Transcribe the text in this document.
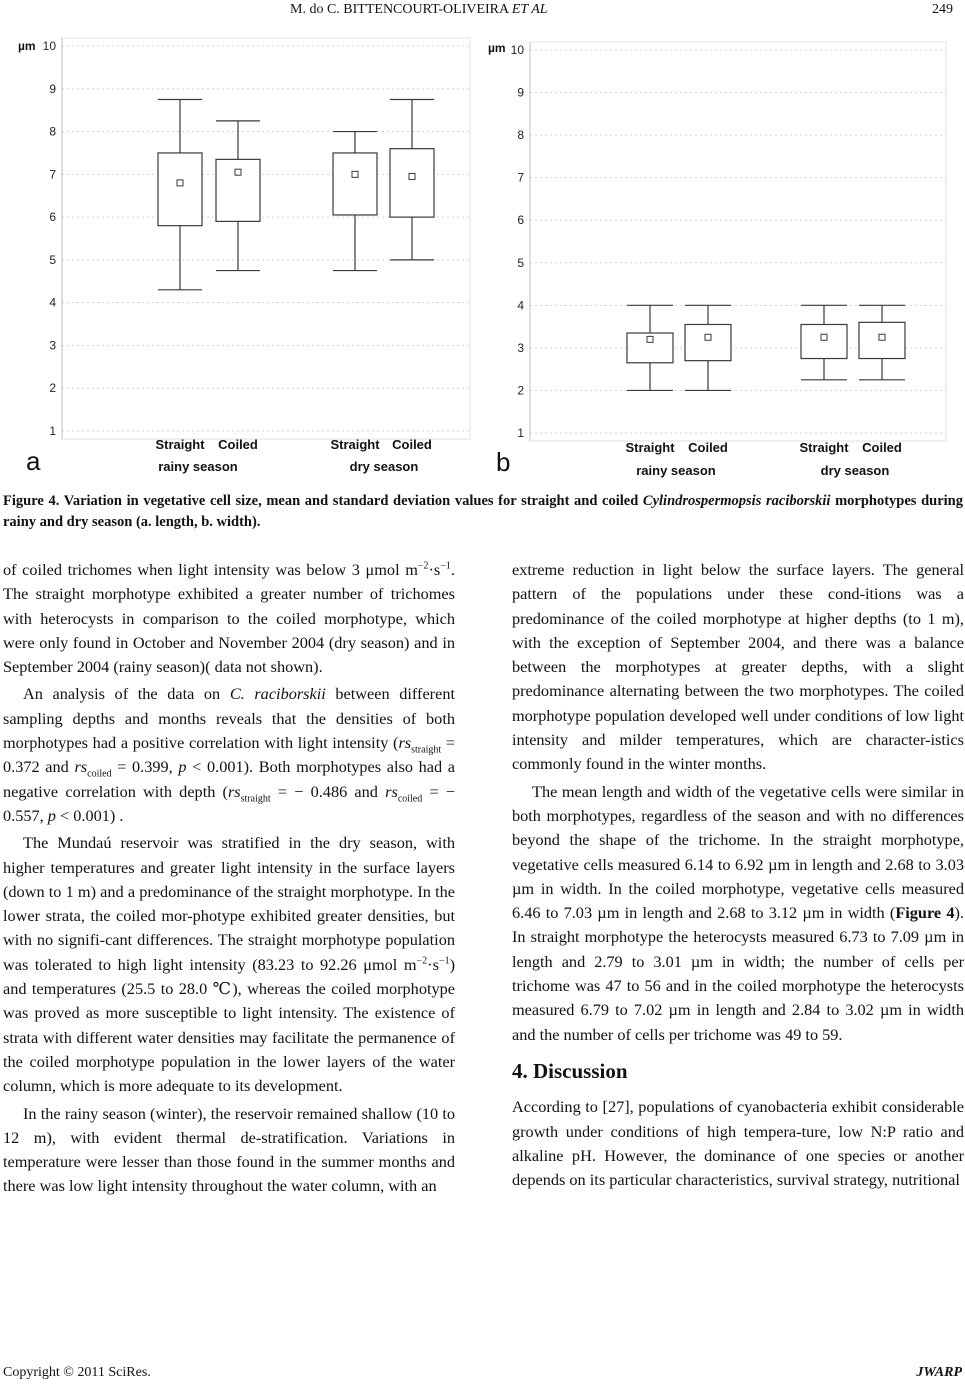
M. do C. BITTENCOURT-OLIVEIRA ET AL	249
1
2
3
4
5
6
7
8
9
10
µm
Straight Coiled	Straight Coiled
rainy season	dry season
a
1
2
3
4
5
6
7
8
9
10
µm
Straight Coiled	Straight Coiled
rainy season	dry season
b
Figure 4. Variation in vegetative cell size, mean and standard deviation values for straight and coiled Cylindrospermopsis raciborskii morphotypes during rainy and dry season (a. length, b. width).

of coiled trichomes when light intensity was below 3 μmol $m^{-2}\cdot s^{-1}$. The straight morphotype exhibited a greater number of trichomes with heterocysts in comparison to the coiled morphotype, which were only found in October and November 2004 (dry season) and in September 2004 (rainy season)( data not shown).

An analysis of the data on C. raciborskii between different sampling depths and months reveals that the densities of both morphotypes had a positive correlation with light intensity ($rs_{straight} = 0.372$ and $rs_{coiled} = 0.399$, p < 0.001). Both morphotypes also had a negative correlation with depth ($rs_{straight}$ = − 0.486 and $rs_{coiled}$ = − 0.557, p < 0.001) .

The Mundaú reservoir was stratified in the dry season, with higher temperatures and greater light intensity in the surface layers (down to 1 m) and a predominance of the straight morphotype. In the lower strata, the coiled mor-photype exhibited greater densities, but with no signifi-cant differences. The straight morphotype population was tolerated to high light intensity (83.23 to 92.26 μmol $m^{-2}\cdot s^{-1}$) and temperatures (25.5 to 28.0 ℃), whereas the coiled morphotype was proved as more susceptible to light intensity. The existence of strata with different water densities may facilitate the permanence of the coiled morphotype population in the lower layers of the water column, which is more adequate to its development.

In the rainy season (winter), the reservoir remained shallow (10 to 12 m), with evident thermal de-stratification. Variations in temperature were lesser than those found in the summer months and there was low light intensity throughout the water column, with an

extreme reduction in light below the surface layers. The general pattern of the populations under these cond-itions was a predominance of the coiled morphotype at higher depths (to 1 m), with the exception of September 2004, and there was a balance between the morphotypes at greater depths, with a slight predominance alternating between the two morphotypes. The coiled morphotype population developed well under conditions of low light intensity and milder temperatures, which are character-istics commonly found in the winter months.

The mean length and width of the vegetative cells were similar in both morphotypes, regardless of the season and with no differences beyond the shape of the trichome. In the straight morphotype, vegetative cells measured 6.14 to 6.92 µm in length and 2.68 to 3.03 µm in width. In the coiled morphotype, vegetative cells measured 6.46 to 7.03 µm in length and 2.68 to 3.12 µm in width (Figure 4). In straight morphotype the heterocysts measured 6.73 to 7.09 µm in length and 2.79 to 3.01 µm in width; the number of cells per trichome was 47 to 56 and in the coiled morphotype the heterocysts measured 6.79 to 7.02 µm in length and 2.84 to 3.02 µm in width and the number of cells per trichome was 49 to 59.

4. Discussion

According to [27], populations of cyanobacteria exhibit considerable growth under conditions of high tempera-ture, low N:P ratio and alkaline pH. However, the dominance of one species or another depends on its particular characteristics, survival strategy, nutritional

Copyright © 2011 SciRes.	JWARP
